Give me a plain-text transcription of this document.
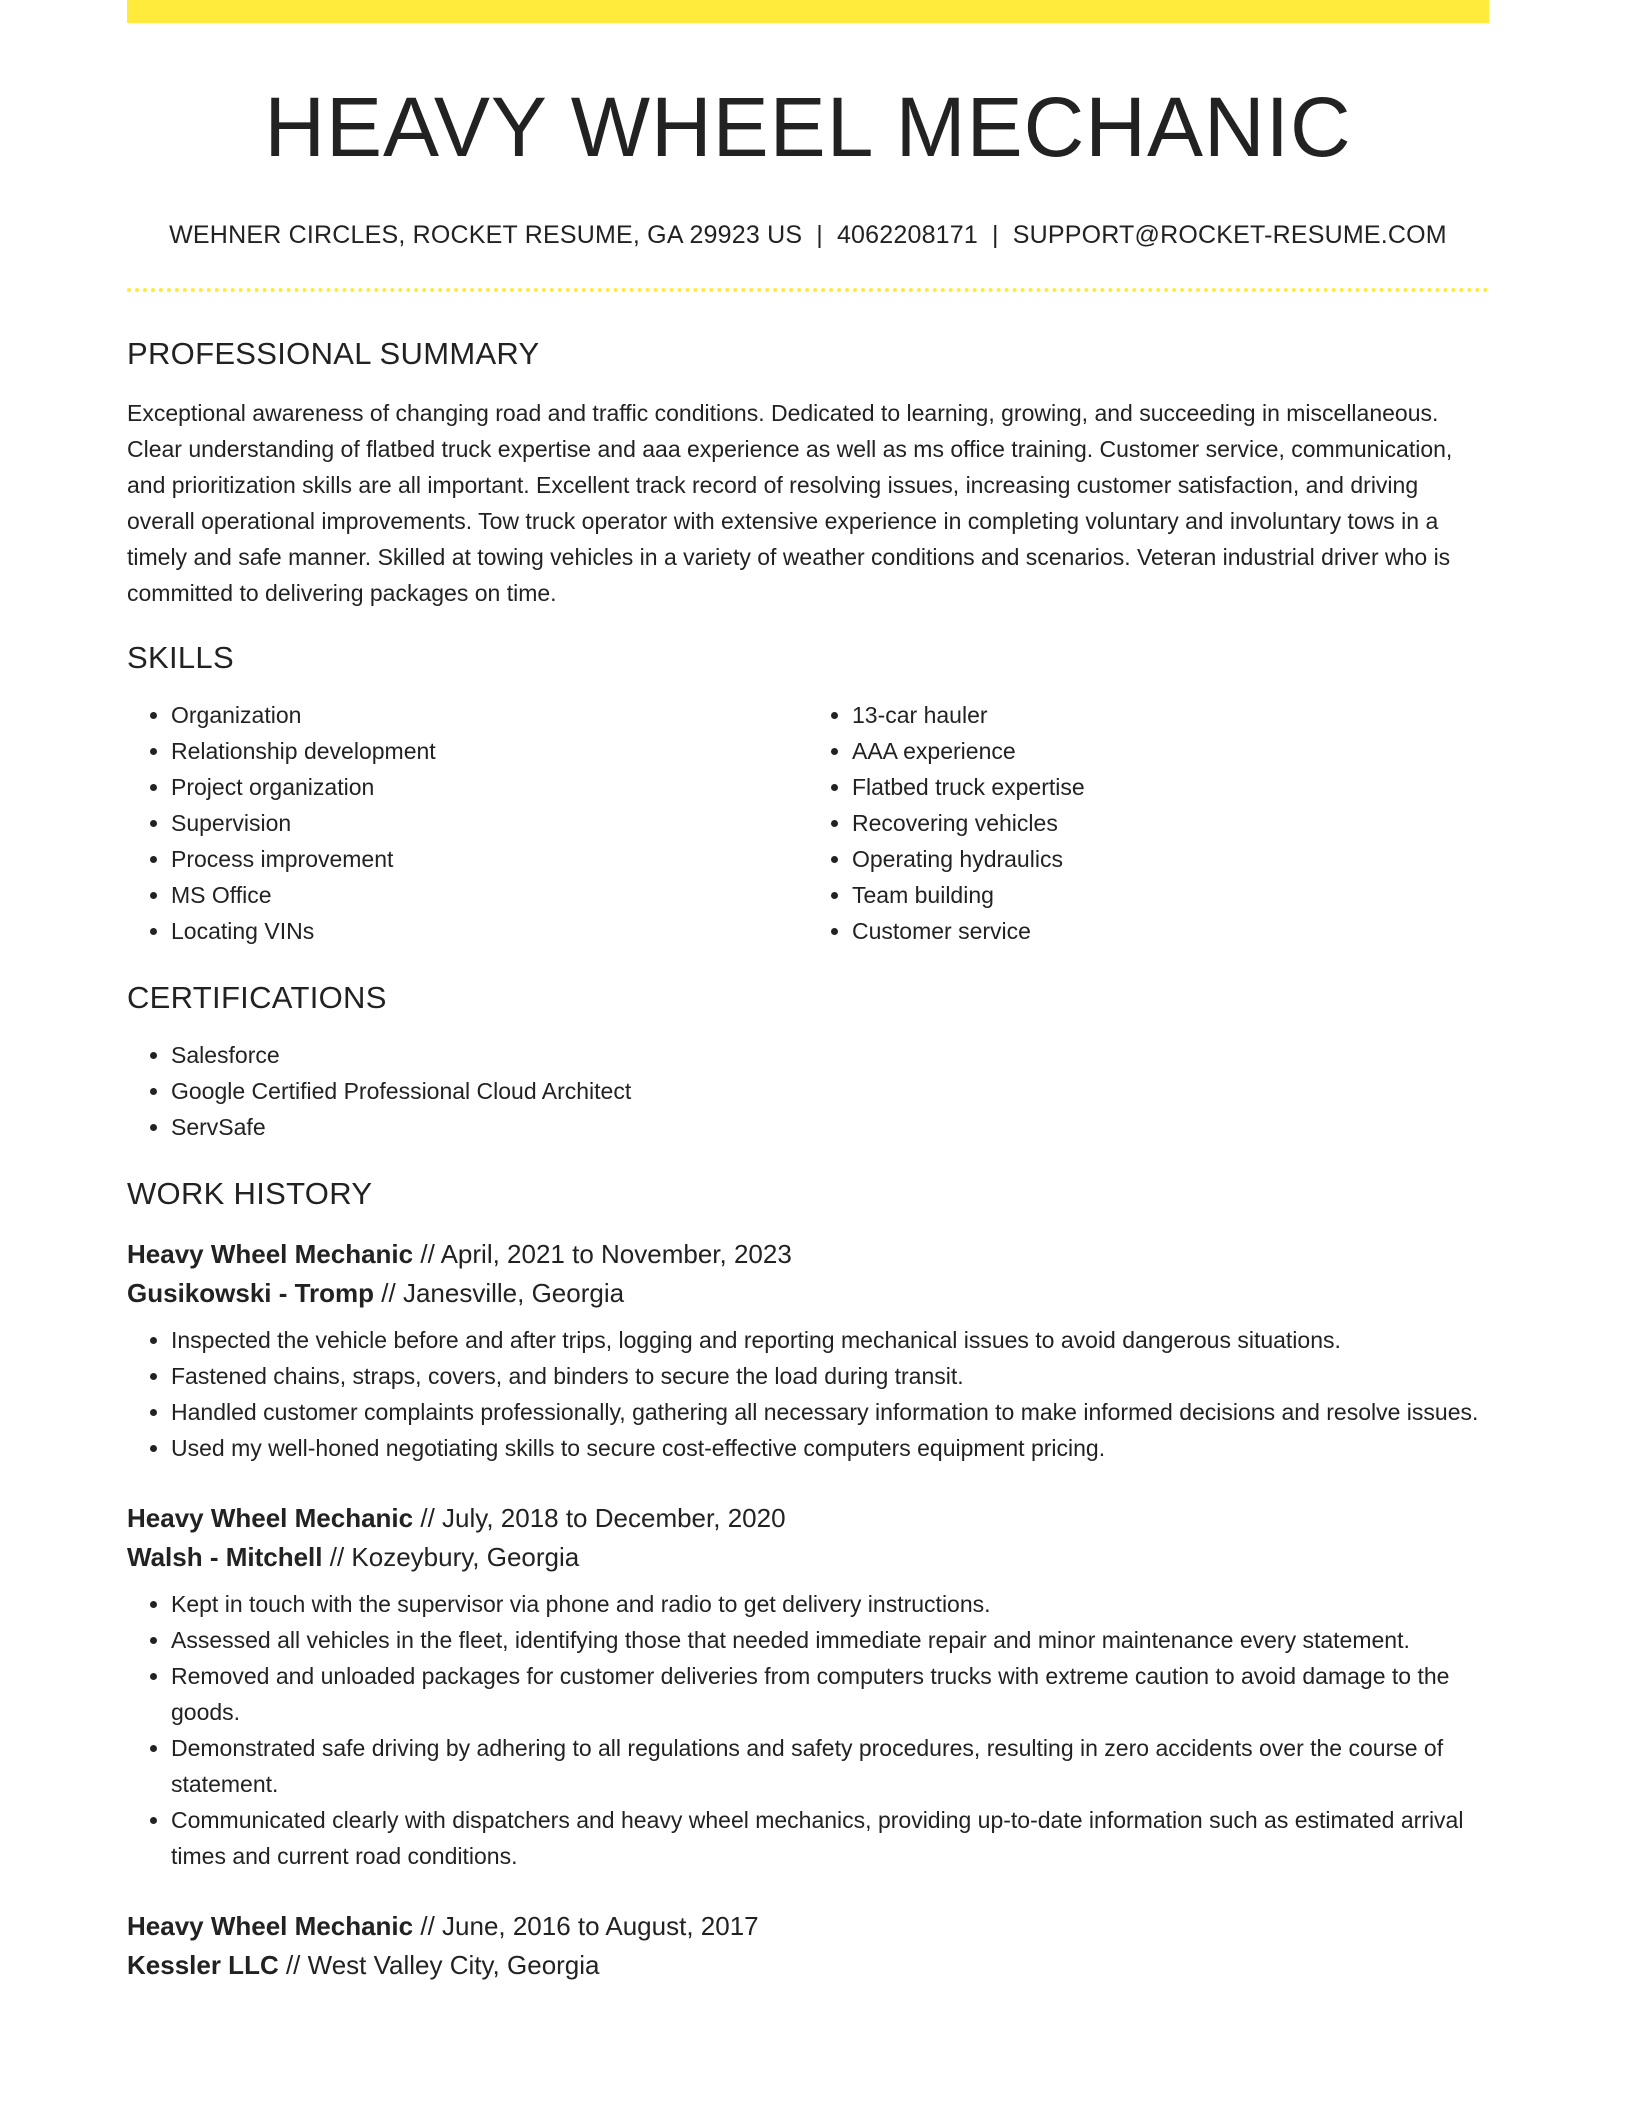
HEAVY WHEEL MECHANIC
WEHNER CIRCLES, ROCKET RESUME, GA 29923 US | 4062208171 | SUPPORT@ROCKET-RESUME.COM
PROFESSIONAL SUMMARY
Exceptional awareness of changing road and traffic conditions. Dedicated to learning, growing, and succeeding in miscellaneous. Clear understanding of flatbed truck expertise and aaa experience as well as ms office training. Customer service, communication, and prioritization skills are all important. Excellent track record of resolving issues, increasing customer satisfaction, and driving overall operational improvements. Tow truck operator with extensive experience in completing voluntary and involuntary tows in a timely and safe manner. Skilled at towing vehicles in a variety of weather conditions and scenarios. Veteran industrial driver who is committed to delivering packages on time.
SKILLS
• Organization
• Relationship development
• Project organization
• Supervision
• Process improvement
• MS Office
• Locating VINs
• 13-car hauler
• AAA experience
• Flatbed truck expertise
• Recovering vehicles
• Operating hydraulics
• Team building
• Customer service
CERTIFICATIONS
• Salesforce
• Google Certified Professional Cloud Architect
• ServSafe
WORK HISTORY
Heavy Wheel Mechanic // April, 2021 to November, 2023
Gusikowski - Tromp // Janesville, Georgia
• Inspected the vehicle before and after trips, logging and reporting mechanical issues to avoid dangerous situations.
• Fastened chains, straps, covers, and binders to secure the load during transit.
• Handled customer complaints professionally, gathering all necessary information to make informed decisions and resolve issues.
• Used my well-honed negotiating skills to secure cost-effective computers equipment pricing.
Heavy Wheel Mechanic // July, 2018 to December, 2020
Walsh - Mitchell // Kozeybury, Georgia
• Kept in touch with the supervisor via phone and radio to get delivery instructions.
• Assessed all vehicles in the fleet, identifying those that needed immediate repair and minor maintenance every statement.
• Removed and unloaded packages for customer deliveries from computers trucks with extreme caution to avoid damage to the goods.
• Demonstrated safe driving by adhering to all regulations and safety procedures, resulting in zero accidents over the course of statement.
• Communicated clearly with dispatchers and heavy wheel mechanics, providing up-to-date information such as estimated arrival times and current road conditions.
Heavy Wheel Mechanic // June, 2016 to August, 2017
Kessler LLC // West Valley City, Georgia
